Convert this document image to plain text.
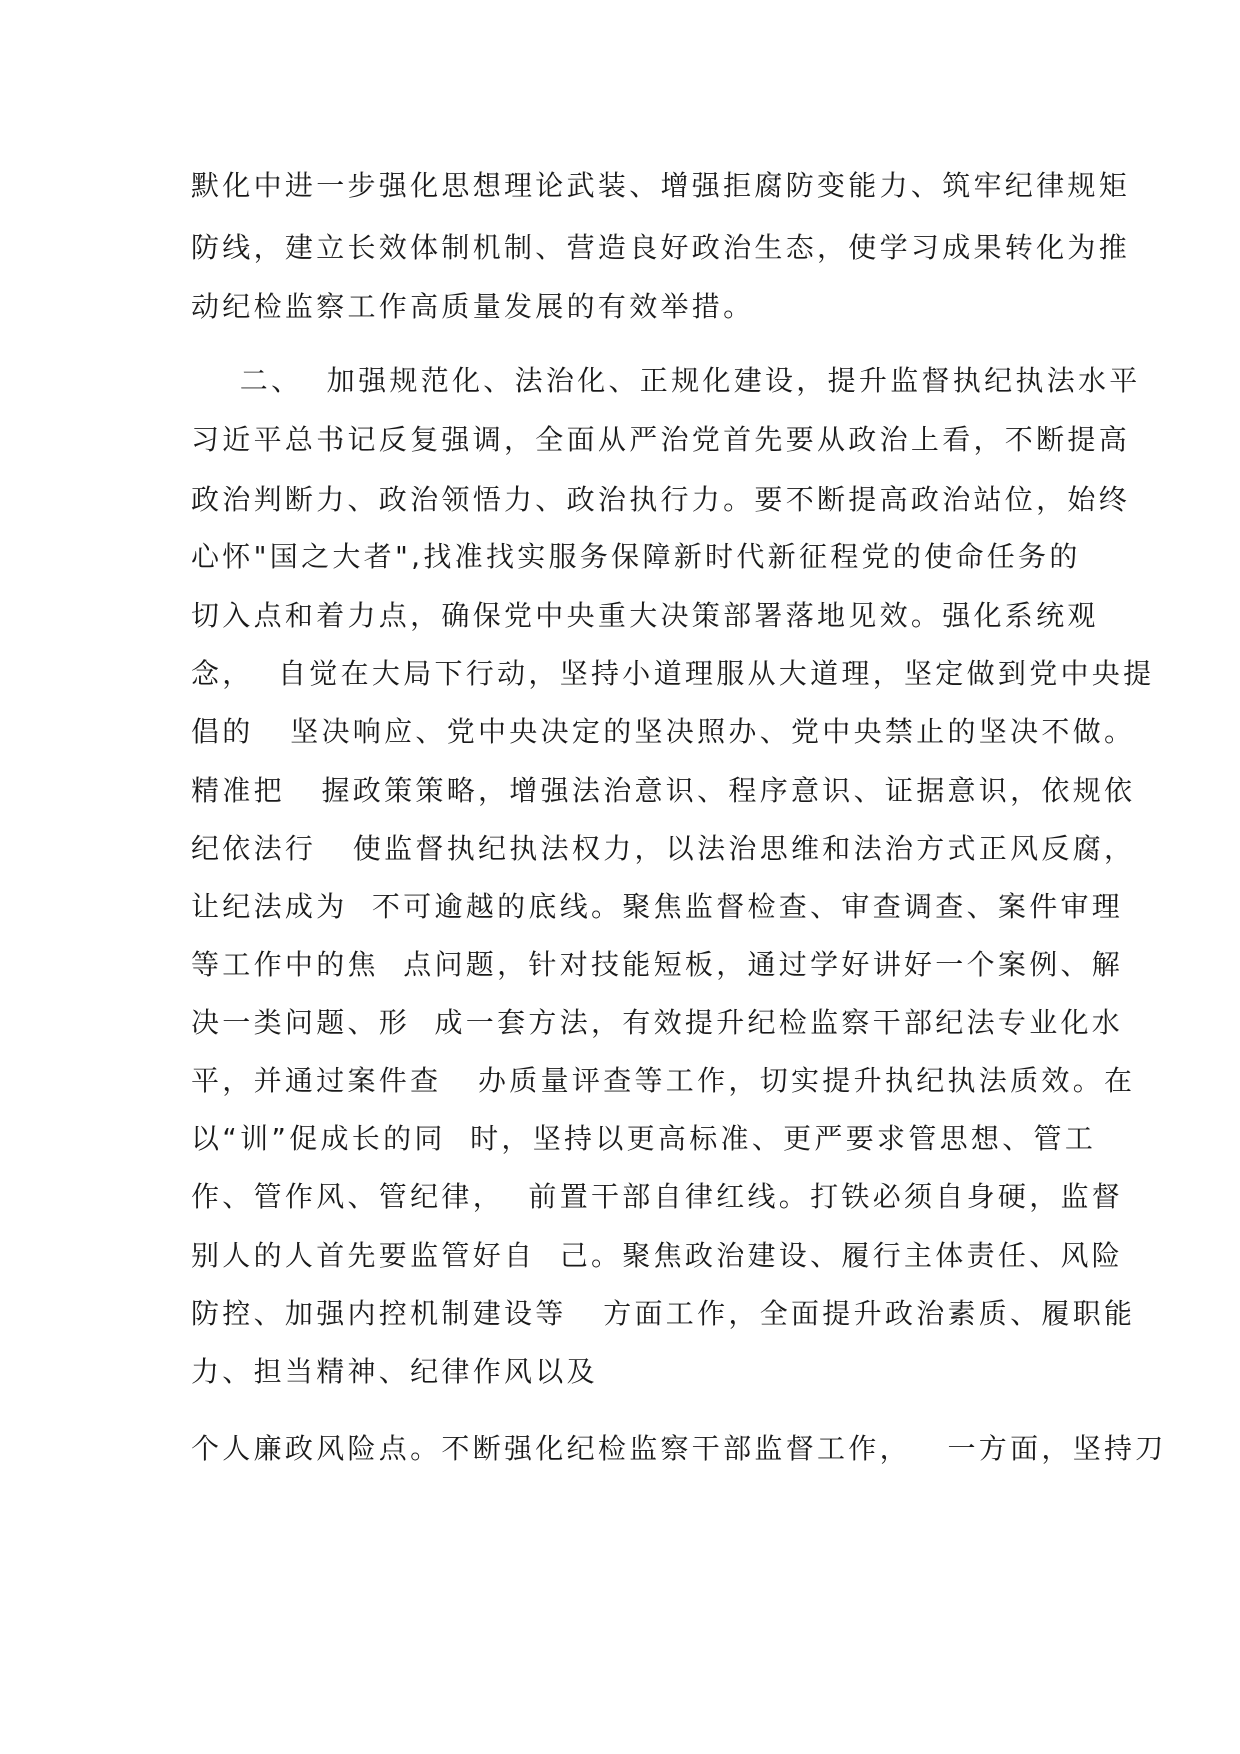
默化中进一步强化思想理论武装、增强拒腐防变能力、筑牢纪律规矩
防线，建立长效体制机制、营造良好政治生态，使学习成果转化为推
动纪检监察工作高质量发展的有效举措。
二、  加强规范化、法治化、正规化建设，提升监督执纪执法水平
习近平总书记反复强调，全面从严治党首先要从政治上看，不断提高
政治判断力、政治领悟力、政治执行力。要不断提高政治站位，始终
心怀"国之大者",找准找实服务保障新时代新征程党的使命任务的
切入点和着力点，确保党中央重大决策部署落地见效。强化系统观
念，  自觉在大局下行动，坚持小道理服从大道理，坚定做到党中央提
倡的   坚决响应、党中央决定的坚决照办、党中央禁止的坚决不做。
精准把   握政策策略，增强法治意识、程序意识、证据意识，依规依
纪依法行   使监督执纪执法权力，以法治思维和法治方式正风反腐，
让纪法成为  不可逾越的底线。聚焦监督检查、审查调查、案件审理
等工作中的焦  点问题，针对技能短板，通过学好讲好一个案例、解
决一类问题、形  成一套方法，有效提升纪检监察干部纪法专业化水
平，并通过案件查   办质量评查等工作，切实提升执纪执法质效。在
以“训”促成长的同  时，坚持以更高标准、更严要求管思想、管工
作、管作风、管纪律，  前置干部自律红线。打铁必须自身硬，监督
别人的人首先要监管好自  己。聚焦政治建设、履行主体责任、风险
防控、加强内控机制建设等   方面工作，全面提升政治素质、履职能
力、担当精神、纪律作风以及
个人廉政风险点。不断强化纪检监察干部监督工作，   一方面，坚持刀
